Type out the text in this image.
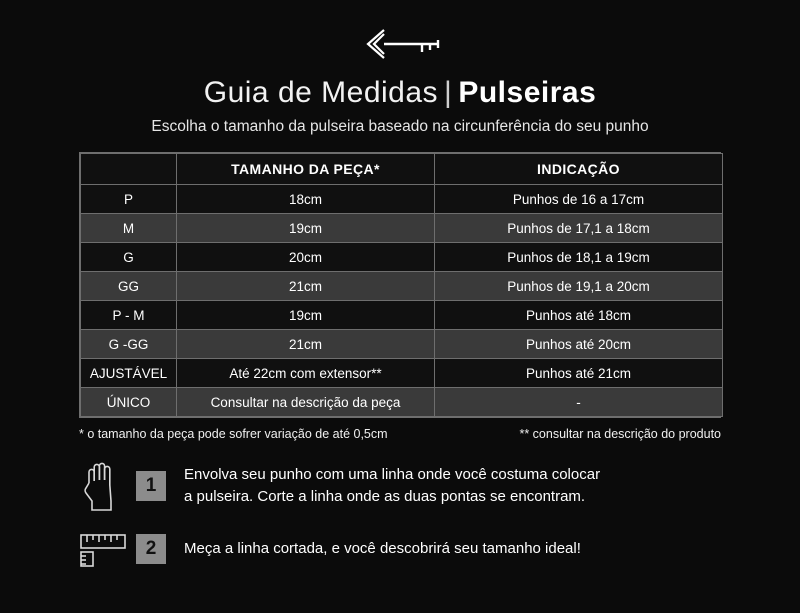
Guia de Medidas | Pulseiras
Escolha o tamanho da pulseira baseado na circunferência do seu punho
	TAMANHO DA PEÇA*	INDICAÇÃO
P	18cm	Punhos de 16 a 17cm
M	19cm	Punhos de 17,1 a 18cm
G	20cm	Punhos de 18,1 a 19cm
GG	21cm	Punhos de 19,1 a 20cm
P - M	19cm	Punhos até 18cm
G -GG	21cm	Punhos até 20cm
AJUSTÁVEL	Até 22cm com extensor**	Punhos até 21cm
ÚNICO	Consultar na descrição da peça	-
* o tamanho da peça pode sofrer variação de até 0,5cm	** consultar na descrição do produto
1
Envolva seu punho com uma linha onde você costuma colocar
a pulseira. Corte a linha onde as duas pontas se encontram.
2	Meça a linha cortada, e você descobrirá seu tamanho ideal!
